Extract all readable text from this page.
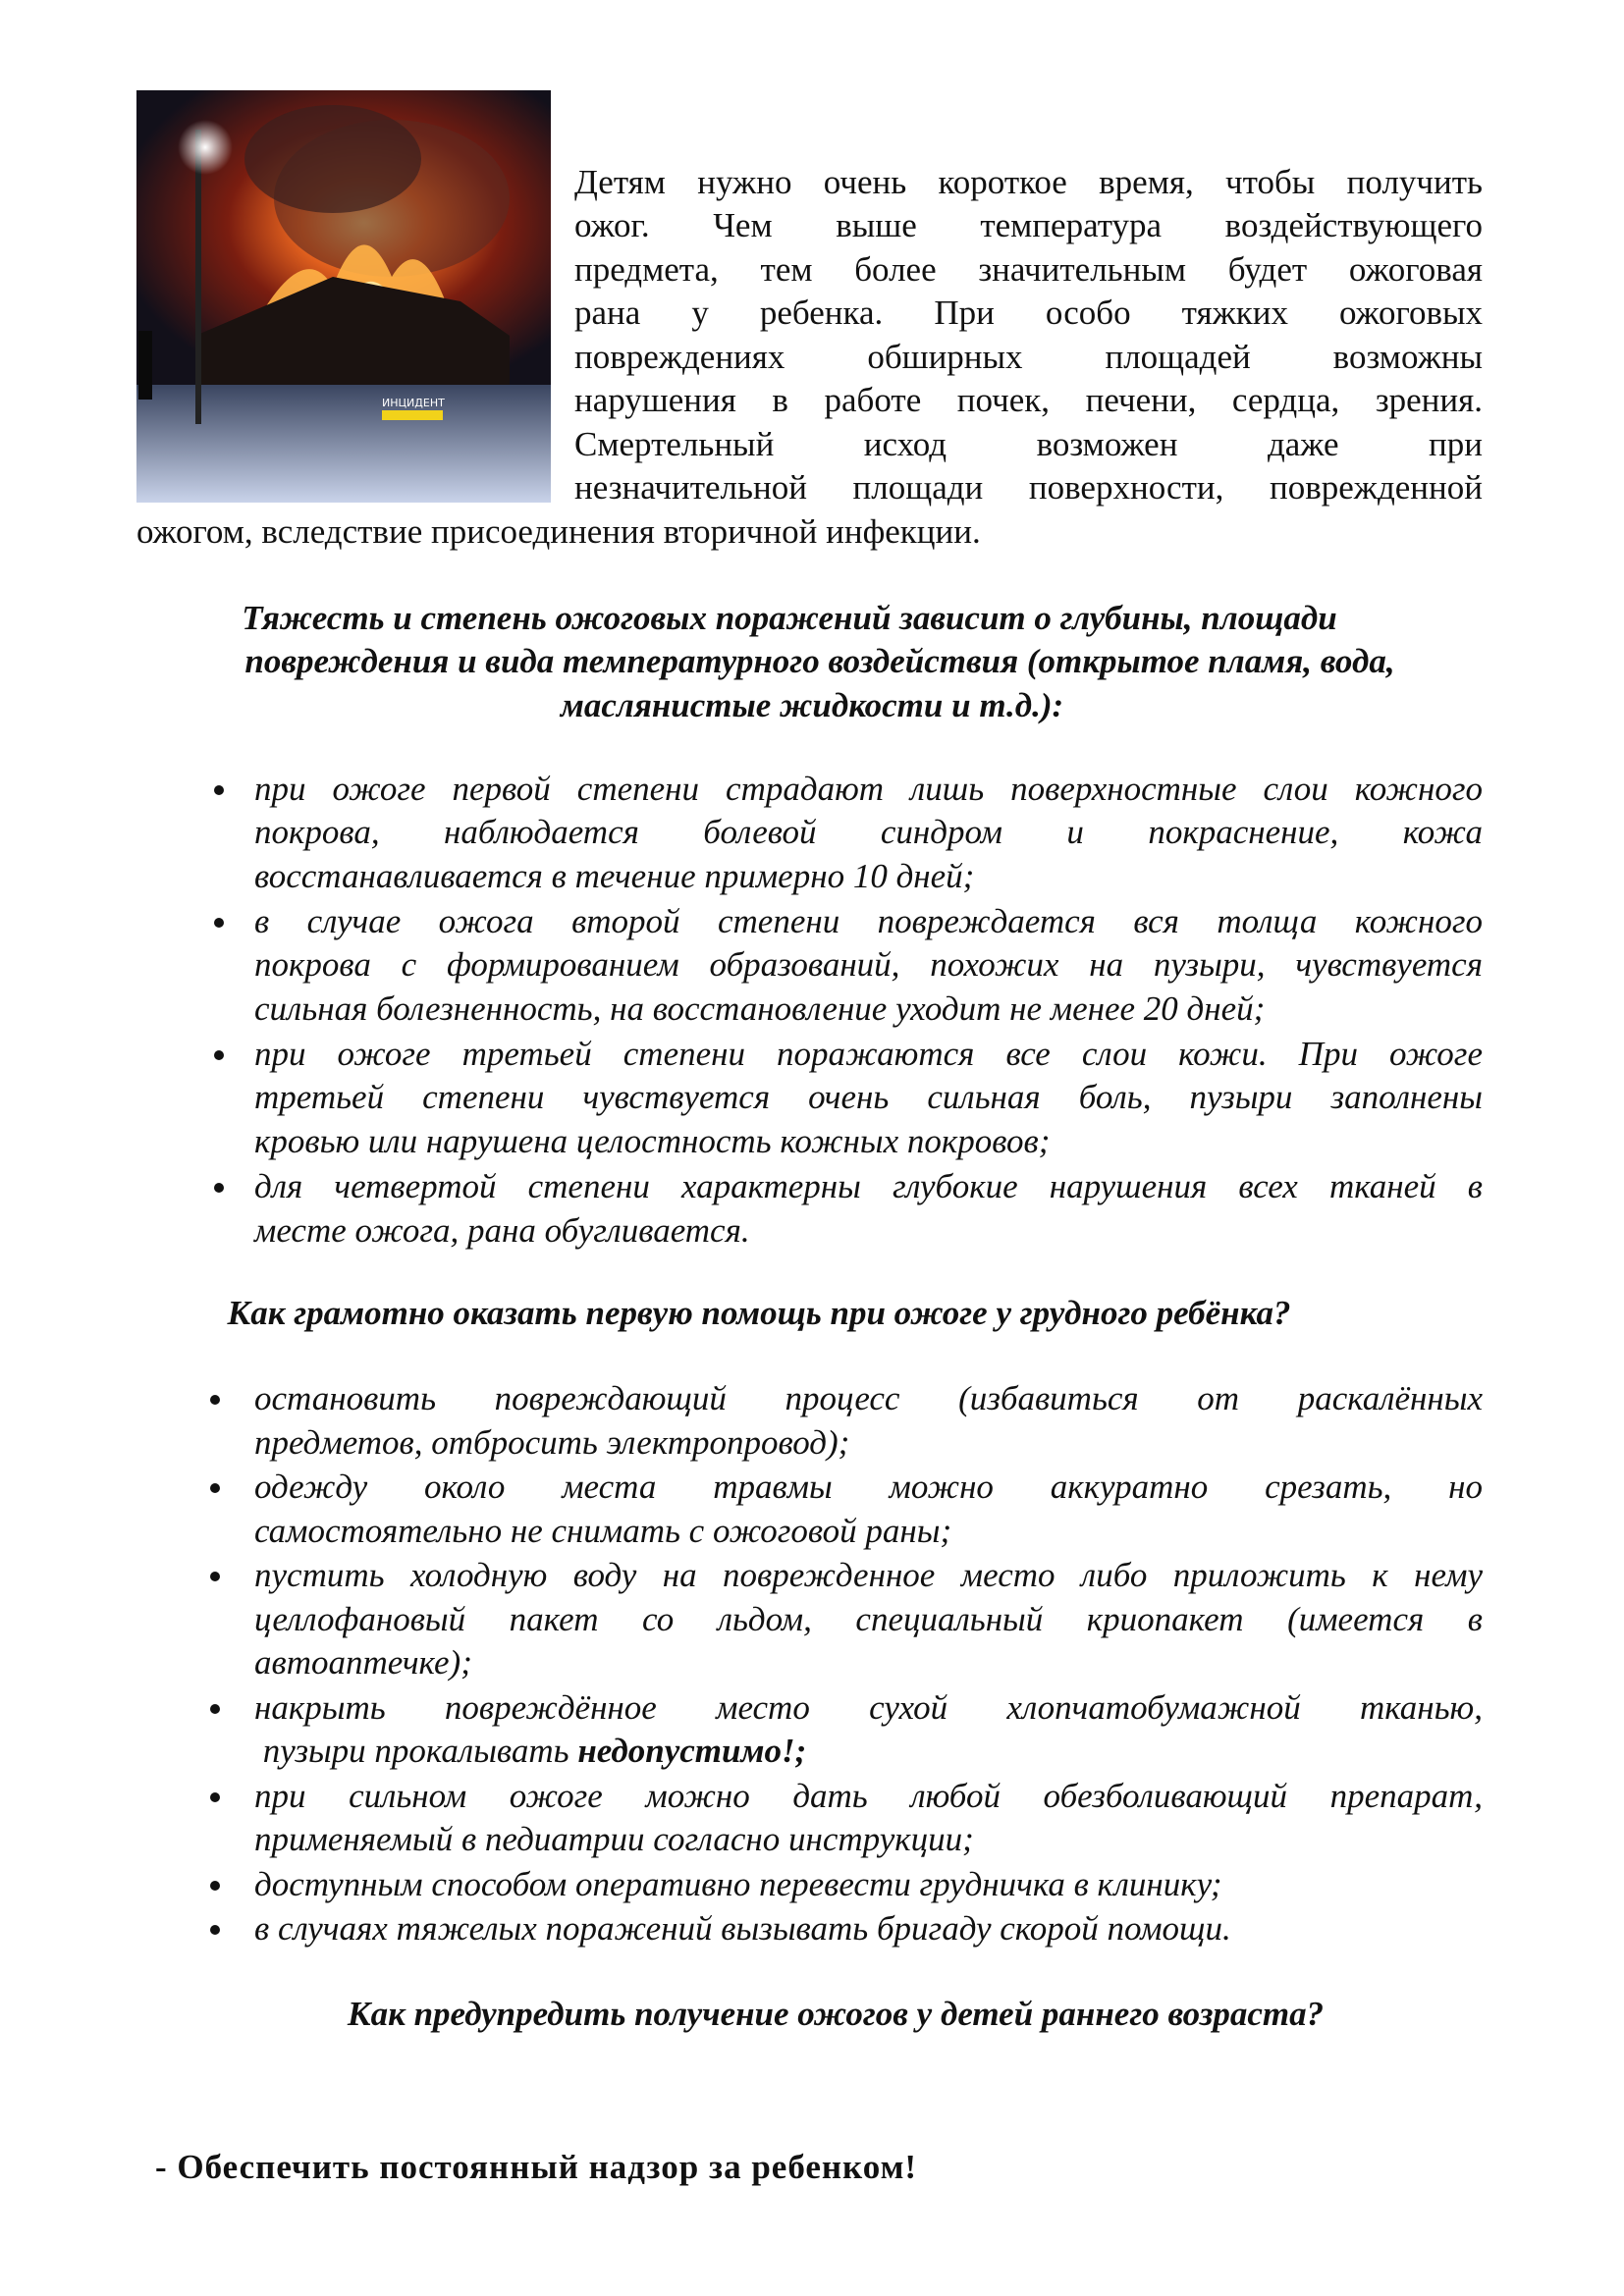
ИНЦИДЕНТ
Детям нужно очень короткое время, чтобы получить
ожог. Чем выше температура воздействующего
предмета, тем более значительным будет ожоговая
рана у ребенка. При особо тяжких ожоговых
повреждениях обширных площадей возможны
нарушения в работе почек, печени, сердца, зрения.
Смертельный исход возможен даже при
незначительной площади поверхности, поврежденной
ожогом, вследствие присоединения вторичной инфекции.
Тяжесть и степень ожоговых поражений зависит о глубины, площади
повреждения и вида температурного воздействия (открытое пламя, вода,
маслянистые жидкости и т.д.):
при ожоге первой степени страдают лишь поверхностные слои кожного
покрова, наблюдается болевой синдром и покраснение, кожа
восстанавливается в течение примерно 10 дней;
в случае ожога второй степени повреждается вся толща кожного
покрова с формированием образований, похожих на пузыри, чувствуется
сильная болезненность, на восстановление уходит не менее 20 дней;
при ожоге третьей степени поражаются все слои кожи. При ожоге
третьей степени чувствуется очень сильная боль, пузыри заполнены
кровью или нарушена целостность кожных покровов;
для четвертой степени характерны глубокие нарушения всех тканей в
месте ожога, рана обугливается.
Как грамотно оказать первую помощь при ожоге у грудного ребёнка?
остановить повреждающий процесс (избавиться от раскалённых
предметов, отбросить электропровод);
одежду около места травмы можно аккуратно срезать, но
самостоятельно не снимать с ожоговой раны;
пустить холодную воду на поврежденное место либо приложить к нему
целлофановый пакет со льдом, специальный криопакет (имеется в
автоаптечке);
накрыть повреждённое место сухой хлопчатобумажной тканью,
пузыри прокалывать недопустимо!;
при сильном ожоге можно дать любой обезболивающий препарат,
применяемый в педиатрии согласно инструкции;
доступным способом оперативно перевести грудничка в клинику;
в случаях тяжелых поражений вызывать бригаду скорой помощи.
Как предупредить получение ожогов у детей раннего возраста?
- Обеспечить постоянный надзор за ребенком!
